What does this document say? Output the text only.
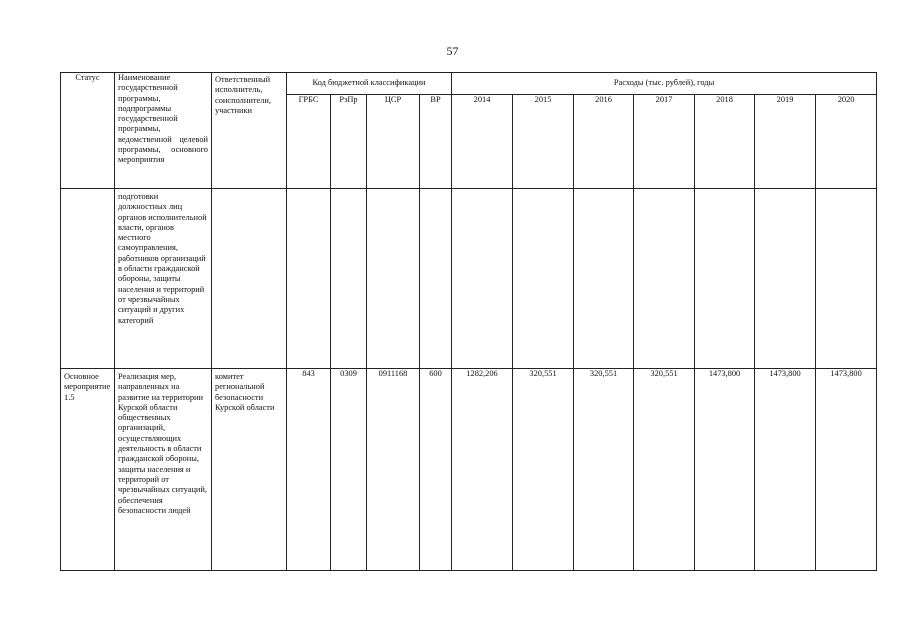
57
Статус	Наименование государственной программы, подпрограммы государственной программы, ведомственной целевой программы, основного мероприятия	Ответственный исполнитель, соисполнители, участники	Код бюджетной классификации				Расходы (тыс. рублей), годы						
			ГРБС	РзПр	ЦСР	ВР	2014	2015	2016	2017	2018	2019	2020
	подготовки должностных лиц органов исполнительной власти, органов местного самоуправления, работников организаций в области гражданской обороны, защиты населения и территорий от чрезвычайных ситуаций и других категорий												
Основное мероприятие 1.5	Реализация мер, направленных на развитие на территории Курской области общественных организаций, осуществляющих деятельность в области гражданской обороны, защиты населения и территорий от чрезвычайных ситуаций, обеспечения безопасности людей	комитет региональной безопасности Курской области	843	0309	0911168	600	1282,206	320,551	320,551	320,551	1473,800	1473,800	1473,800
